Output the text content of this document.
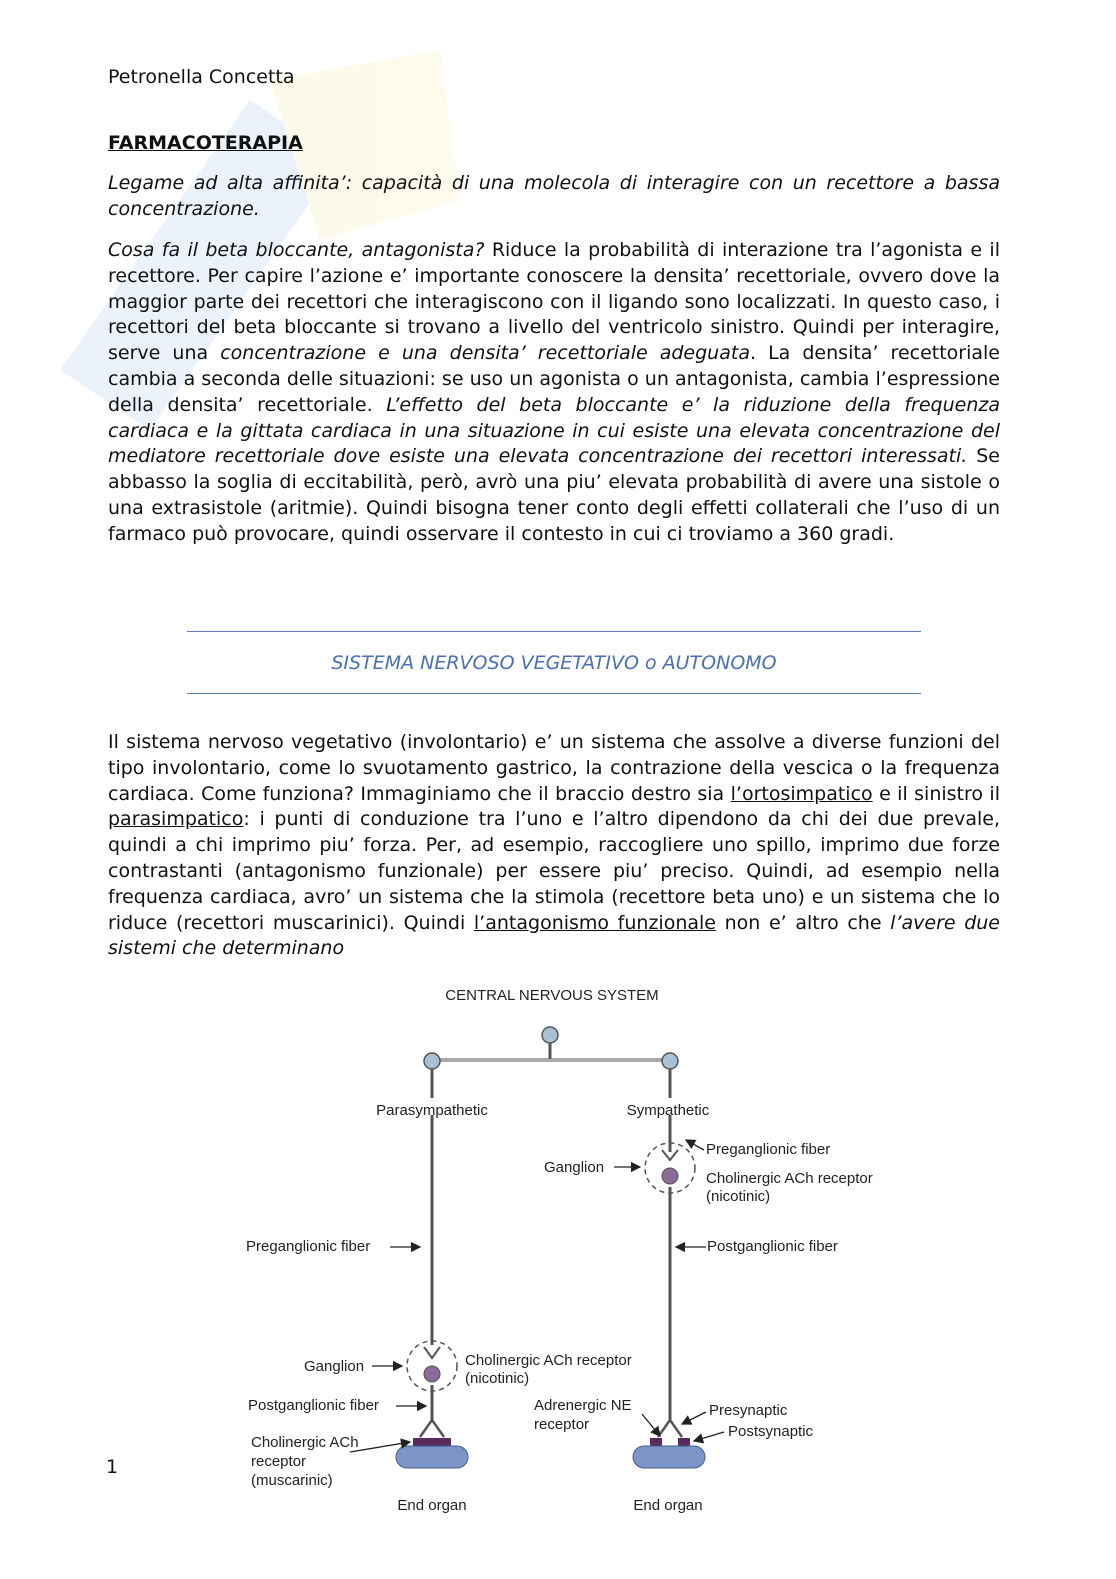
Petronella Concetta
FARMACOTERAPIA
Legame ad alta affinita’: capacità di una molecola di interagire con un recettore a bassa concentrazione.
Cosa fa il beta bloccante, antagonista? Riduce la probabilità di interazione tra l’agonista e il recettore. Per capire l’azione e’ importante conoscere la densita’ recettoriale, ovvero dove la maggior parte dei recettori che interagiscono con il ligando sono localizzati. In questo caso, i recettori del beta bloccante si trovano a livello del ventricolo sinistro. Quindi per interagire, serve una concentrazione e una densita’ recettoriale adeguata. La densita’ recettoriale cambia a seconda delle situazioni: se uso un agonista o un antagonista, cambia l’espressione della densita’ recettoriale. L’effetto del beta bloccante e’ la riduzione della frequenza cardiaca e la gittata cardiaca in una situazione in cui esiste una elevata concentrazione del mediatore recettoriale dove esiste una elevata concentrazione dei recettori interessati. Se abbasso la soglia di eccitabilità, però, avrò una piu’ elevata probabilità di avere una sistole o una extrasistole (aritmie). Quindi bisogna tener conto degli effetti collaterali che l’uso di un farmaco può provocare, quindi osservare il contesto in cui ci troviamo a 360 gradi.
SISTEMA NERVOSO VEGETATIVO o AUTONOMO
Il sistema nervoso vegetativo (involontario) e’ un sistema che assolve a diverse funzioni del tipo involontario, come lo svuotamento gastrico, la contrazione della vescica o la frequenza cardiaca. Come funziona? Immaginiamo che il braccio destro sia l’ortosimpatico e il sinistro il parasimpatico: i punti di conduzione tra l’uno e l’altro dipendono da chi dei due prevale, quindi a chi imprimo piu’ forza. Per, ad esempio, raccogliere uno spillo, imprimo due forze contrastanti (antagonismo funzionale) per essere piu’ preciso. Quindi, ad esempio nella frequenza cardiaca, avro’ un sistema che la stimola (recettore beta uno) e un sistema che lo riduce (recettori muscarinici). Quindi l’antagonismo funzionale non e’ altro che l’avere due sistemi che determinano
CENTRAL NERVOUS SYSTEM
Parasympathetic	Sympathetic
Ganglion
Preganglionic fiber
Cholinergic ACh receptor
(nicotinic)
Preganglionic fiber	Postganglionic fiber
Ganglion	Cholinergic ACh receptor
(nicotinic)
Postganglionic fiber
Cholinergic ACh
receptor
(muscarinic)
Adrenergic NE
receptor
Presynaptic
Postsynaptic
End organ	End organ
1
